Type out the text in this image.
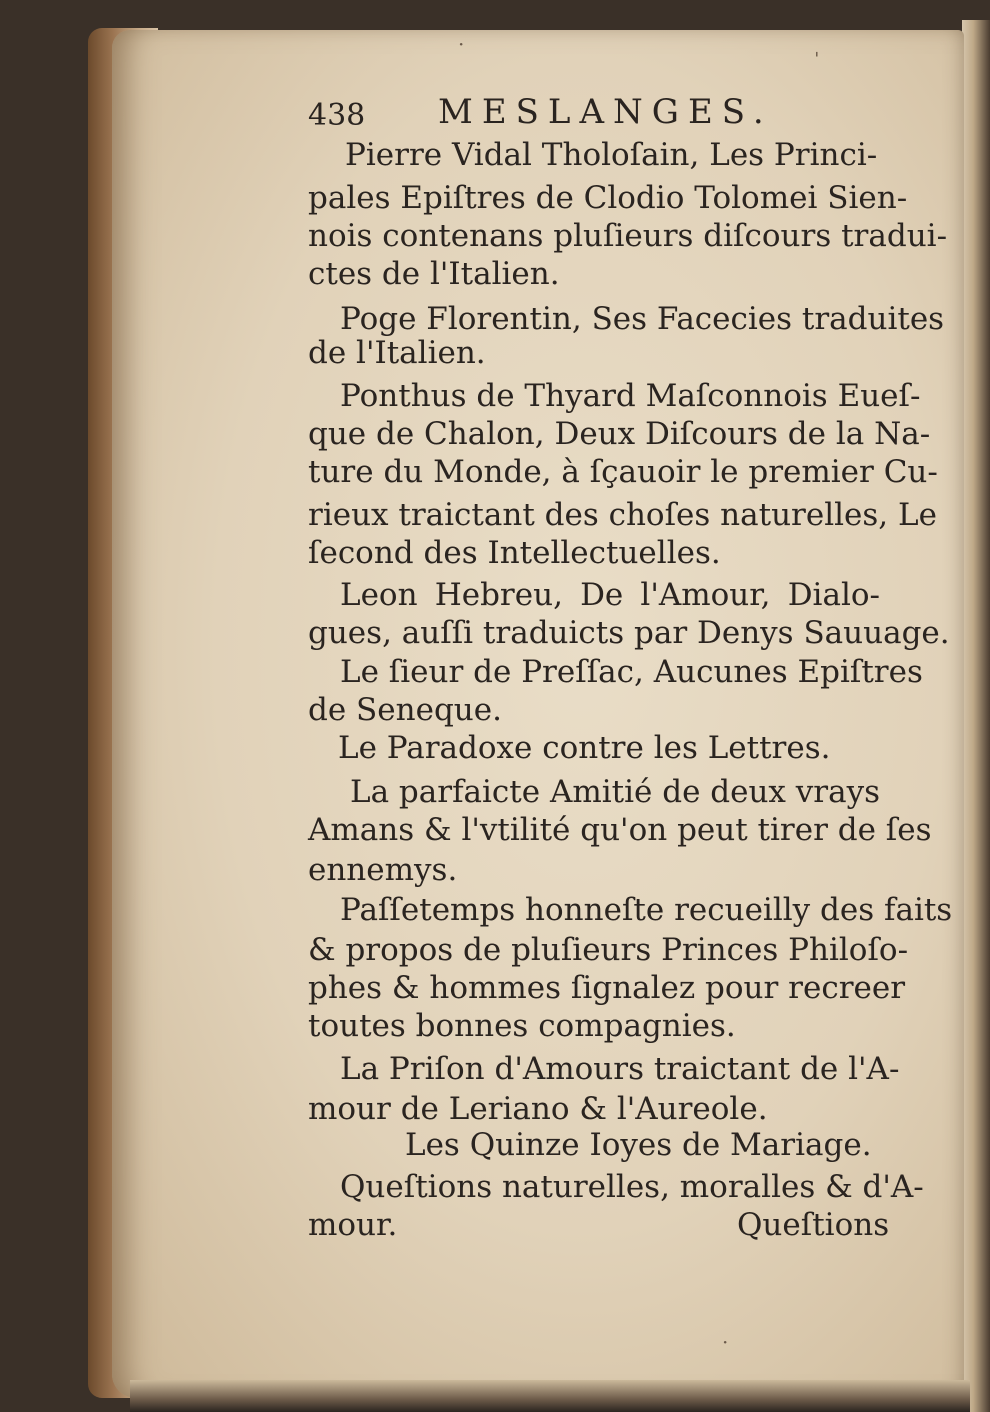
438 MESLANGES.
Pierre Vidal Tholoſain, Les Princi-
pales Epiſtres de Clodio Tolomei Sien-
nois contenans pluſieurs diſcours tradui-
ctes de l'Italien.
Poge Florentin, Ses Facecies traduites
de l'Italien.
Ponthus de Thyard Maſconnois Eueſ-
que de Chalon, Deux Diſcours de la Na-
ture du Monde, à ſçauoir le premier Cu-
rieux traictant des choſes naturelles, Le
ſecond des Intellectuelles.
Leon Hebreu, De l'Amour, Dialo-
gues, auſſi traduicts par Denys Sauuage.
Le ſieur de Preſſac, Aucunes Epiſtres
de Seneque.
Le Paradoxe contre les Lettres.
La parfaicte Amitié de deux vrays
Amans & l'vtilité qu'on peut tirer de ſes
ennemys.
Paſſetemps honneſte recueilly des faits
& propos de pluſieurs Princes Philoſo-
phes & hommes ſignalez pour recreer
toutes bonnes compagnies.
La Priſon d'Amours traictant de l'A-
mour de Leriano & l'Aureole.
Les Quinze Ioyes de Mariage.
Queſtions naturelles, moralles & d'A-
mour.	Queſtions
·
ˈ
·
